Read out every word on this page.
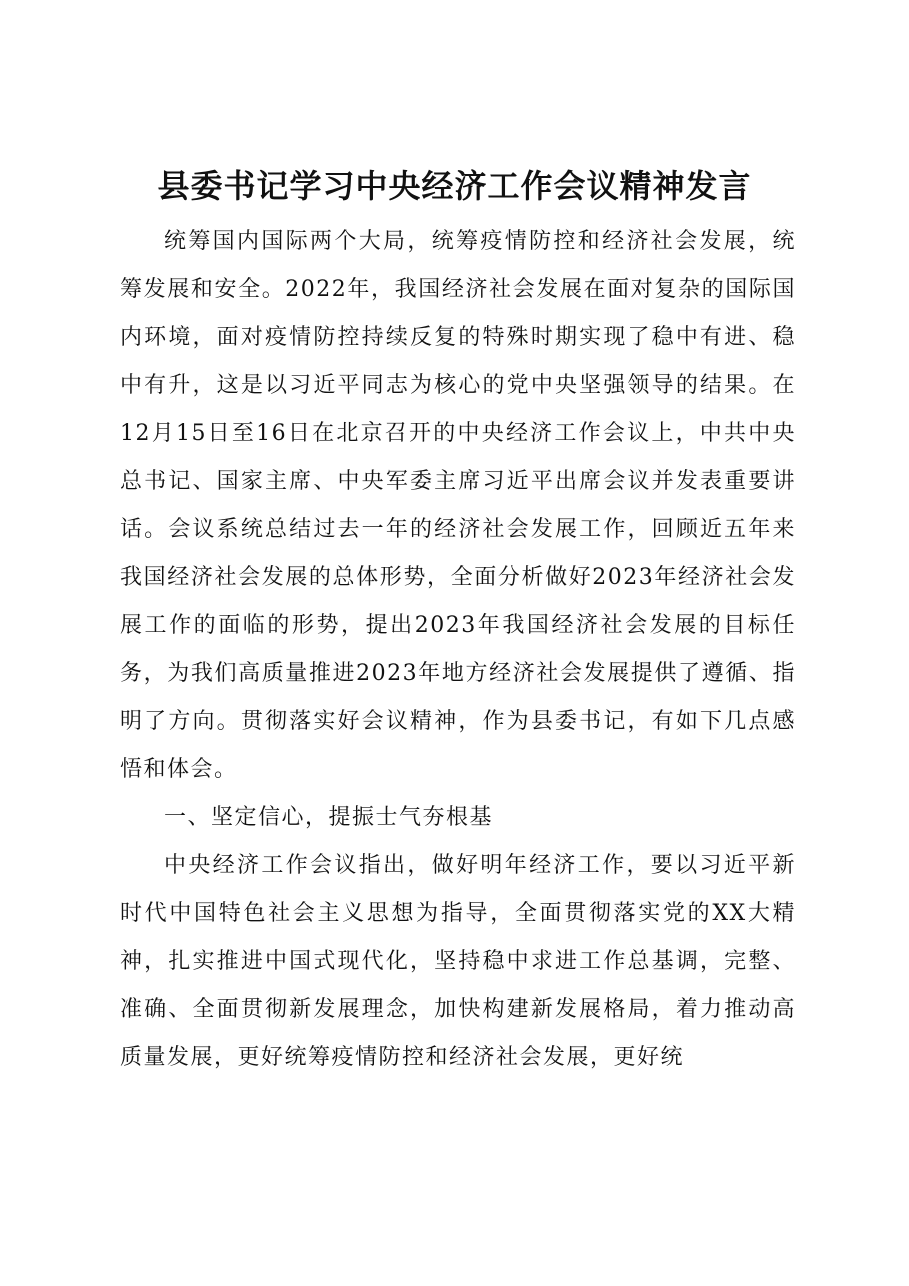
县委书记学习中央经济工作会议精神发言

统筹国内国际两个大局，统筹疫情防控和经济社会发展，统筹发展和安全。2022年，我国经济社会发展在面对复杂的国际国内环境，面对疫情防控持续反复的特殊时期实现了稳中有进、稳中有升，这是以习近平同志为核心的党中央坚强领导的结果。在12月15日至16日在北京召开的中央经济工作会议上，中共中央总书记、国家主席、中央军委主席习近平出席会议并发表重要讲话。会议系统总结过去一年的经济社会发展工作，回顾近五年来我国经济社会发展的总体形势，全面分析做好2023年经济社会发展工作的面临的形势，提出2023年我国经济社会发展的目标任务，为我们高质量推进2023年地方经济社会发展提供了遵循、指明了方向。贯彻落实好会议精神，作为县委书记，有如下几点感悟和体会。

一、坚定信心，提振士气夯根基

中央经济工作会议指出，做好明年经济工作，要以习近平新时代中国特色社会主义思想为指导，全面贯彻落实党的XX大精神，扎实推进中国式现代化，坚持稳中求进工作总基调，完整、准确、全面贯彻新发展理念，加快构建新发展格局，着力推动高质量发展，更好统筹疫情防控和经济社会发展，更好统
